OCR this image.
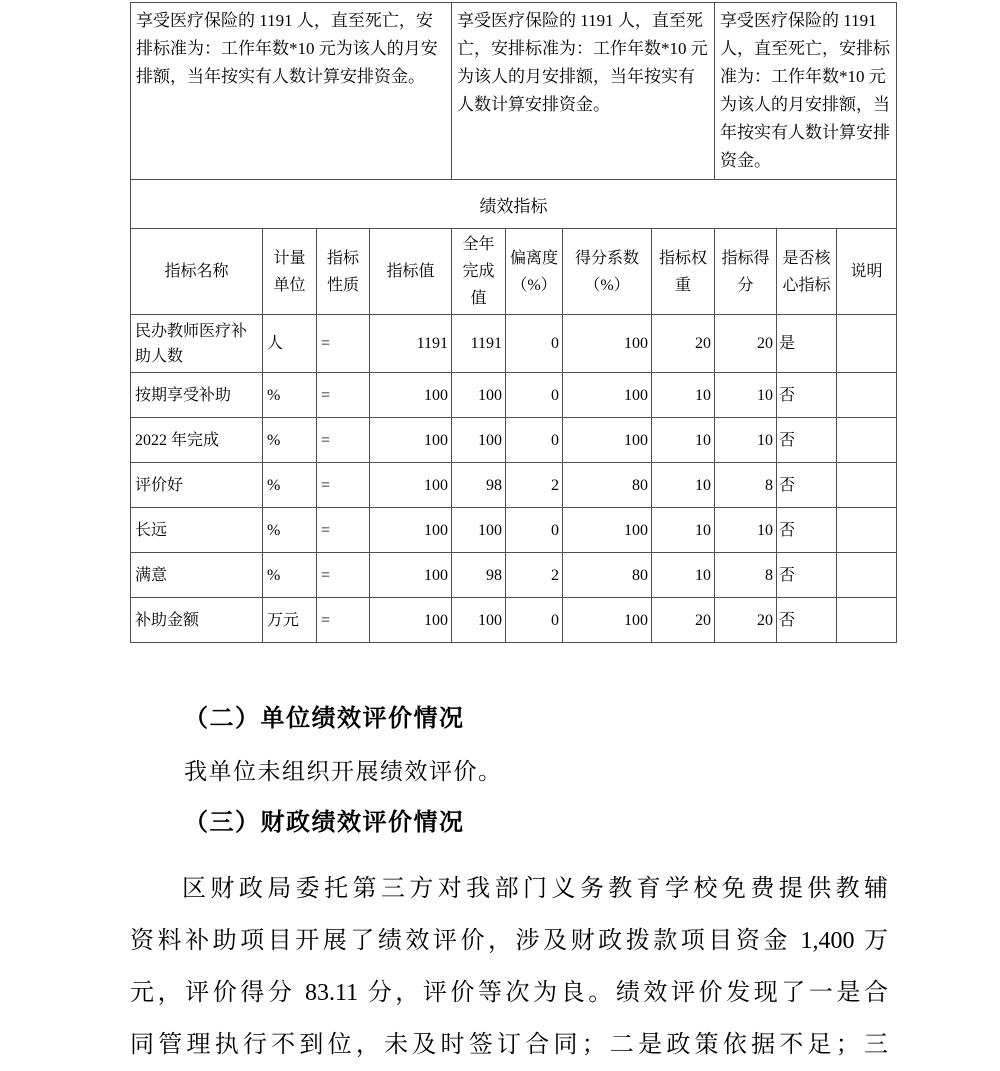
享受医疗保险的 1191 人，直至死亡，安排标准为：工作年数*10 元为该人的月安排额，当年按实有人数计算安排资金。				享受医疗保险的 1191 人，直至死亡，安排标准为：工作年数*10 元为该人的月安排额，当年按实有人数计算安排资金。				享受医疗保险的 1191 人，直至死亡，安排标准为：工作年数*10 元为该人的月安排额，当年按实有人数计算安排资金。		
绩效指标										
指标名称	计量单位	指标性质	指标值	全年完成值	偏离度（%）	得分系数（%）	指标权重	指标得分	是否核心指标	说明
民办教师医疗补助人数	人	=	1191	1191	0	100	20	20	是	
按期享受补助	%	=	100	100	0	100	10	10	否	
2022 年完成	%	=	100	100	0	100	10	10	否	
评价好	%	=	100	98	2	80	10	8	否	
长远	%	=	100	100	0	100	10	10	否	
满意	%	=	100	98	2	80	10	8	否	
补助金额	万元	=	100	100	0	100	20	20	否	

（二）单位绩效评价情况

我单位未组织开展绩效评价。

（三）财政绩效评价情况

区财政局委托第三方对我部门义务教育学校免费提供教辅
资料补助项目开展了绩效评价，涉及财政拨款项目资金 1,400 万
元，评价得分 83.11 分，评价等次为良。绩效评价发现了一是合
同管理执行不到位，未及时签订合同；二是政策依据不足；三
